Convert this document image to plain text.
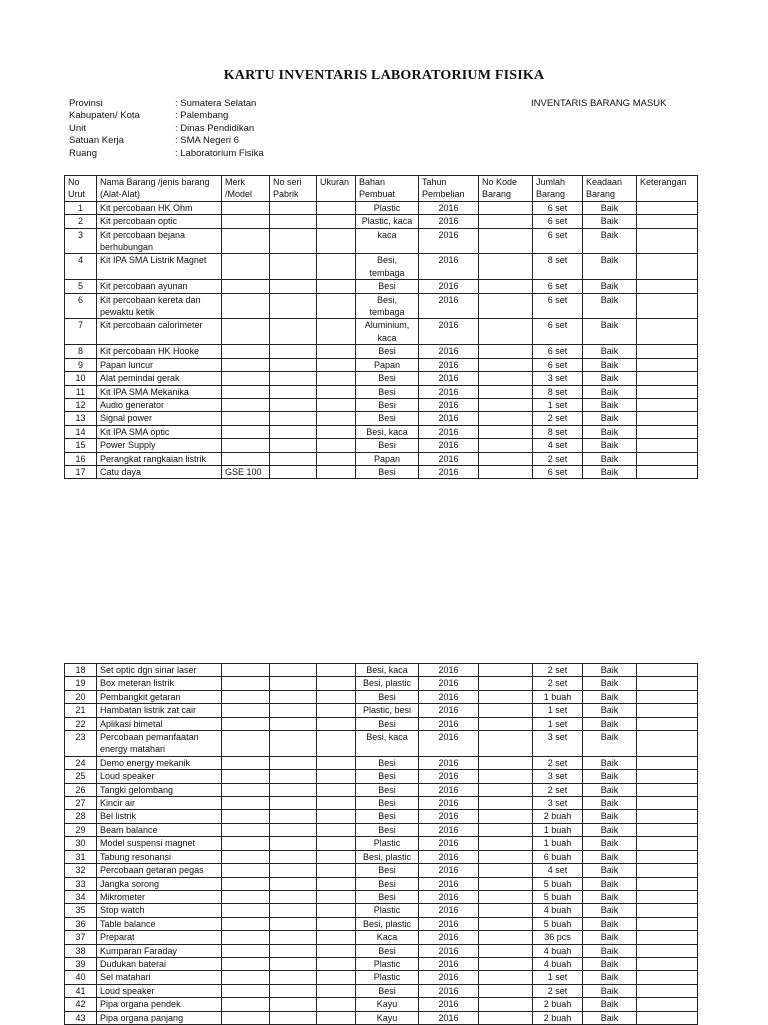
KARTU INVENTARIS LABORATORIUM FISIKA
Provinsi	: Sumatera Selatan
Kabupaten/ Kota	: Palembang
Unit	: Dinas Pendidikan
Satuan Kerja	: SMA Negeri 6
Ruang	: Laboratorium Fisika
INVENTARIS BARANG MASUK
No Urut	Nama Barang /jenis barang (Alat-Alat)	Merk /Model	No seri Pabrik	Ukuran	Bahan Pembuat	Tahun Pembelian	No Kode Barang	Jumlah Barang	Keadaan Barang	Keterangan
1	Kit percobaan HK Ohm				Plastic	2016		6 set	Baik	
2	Kit percobaan optic				Plastic, kaca	2016		6 set	Baik	
3	Kit percobaan bejana berhubungan				kaca	2016		6 set	Baik	
4	Kit IPA SMA Listrik Magnet				Besi, tembaga	2016		8 set	Baik	
5	Kit percobaan ayunan				Besi	2016		6 set	Baik	
6	Kit percobaan kereta dan pewaktu ketik				Besi, tembaga	2016		6 set	Baik	
7	Kit percobaan calorimeter				Aluminium, kaca	2016		6 set	Baik	
8	Kit percobaan HK Hooke				Besi	2016		6 set	Baik	
9	Papan luncur				Papan	2016		6 set	Baik	
10	Alat pemindai gerak				Besi	2016		3 set	Baik	
11	Kit IPA SMA Mekanika				Besi	2016		8 set	Baik	
12	Audio generator				Besi	2016		1 set	Baik	
13	Signal power				Besi	2016		2 set	Baik	
14	Kit IPA SMA optic				Besi, kaca	2016		8 set	Baik	
15	Power Supply				Besi	2016		4 set	Baik	
16	Perangkat rangkaian listrik				Papan	2016		2 set	Baik	
17	Catu daya	GSE 100			Besi	2016		6 set	Baik	
18	Set optic dgn sinar laser				Besi, kaca	2016		2 set	Baik	
19	Box meteran listrik				Besi, plastic	2016		2 set	Baik	
20	Pembangkit getaran				Besi	2016		1 buah	Baik	
21	Hambatan listrik zat cair				Plastic, besi	2016		1 set	Baik	
22	Aplikasi bimetal				Besi	2016		1 set	Baik	
23	Percobaan pemanfaatan energy matahari				Besi, kaca	2016		3 set	Baik	
24	Demo energy mekanik				Besi	2016		2 set	Baik	
25	Loud speaker				Besi	2016		3 set	Baik	
26	Tangki gelombang				Besi	2016		2 set	Baik	
27	Kincir air				Besi	2016		3 set	Baik	
28	Bel listrik				Besi	2016		2 buah	Baik	
29	Beam balance				Besi	2016		1 buah	Baik	
30	Model suspensi magnet				Plastic	2016		1 buah	Baik	
31	Tabung resonansi				Besi, plastic	2016		6 buah	Baik	
32	Percobaan getaran pegas				Besi	2016		4 set	Baik	
33	Jangka sorong				Besi	2016		5 buah	Baik	
34	Mikrometer				Besi	2016		5 buah	Baik	
35	Stop watch				Plastic	2016		4 buah	Baik	
36	Table balance				Besi, plastic	2016		5 buah	Baik	
37	Preparat				Kaca	2016		36 pcs	Baik	
38	Kumparan Faraday				Besi	2016		4 buah	Baik	
39	Dudukan baterai				Plastic	2016		4 buah	Baik	
40	Sel matahari				Plastic	2016		1 set	Baik	
41	Loud speaker				Besi	2016		2 set	Baik	
42	Pipa organa pendek				Kayu	2016		2 buah	Baik	
43	Pipa organa panjang				Kayu	2016		2 buah	Baik	
